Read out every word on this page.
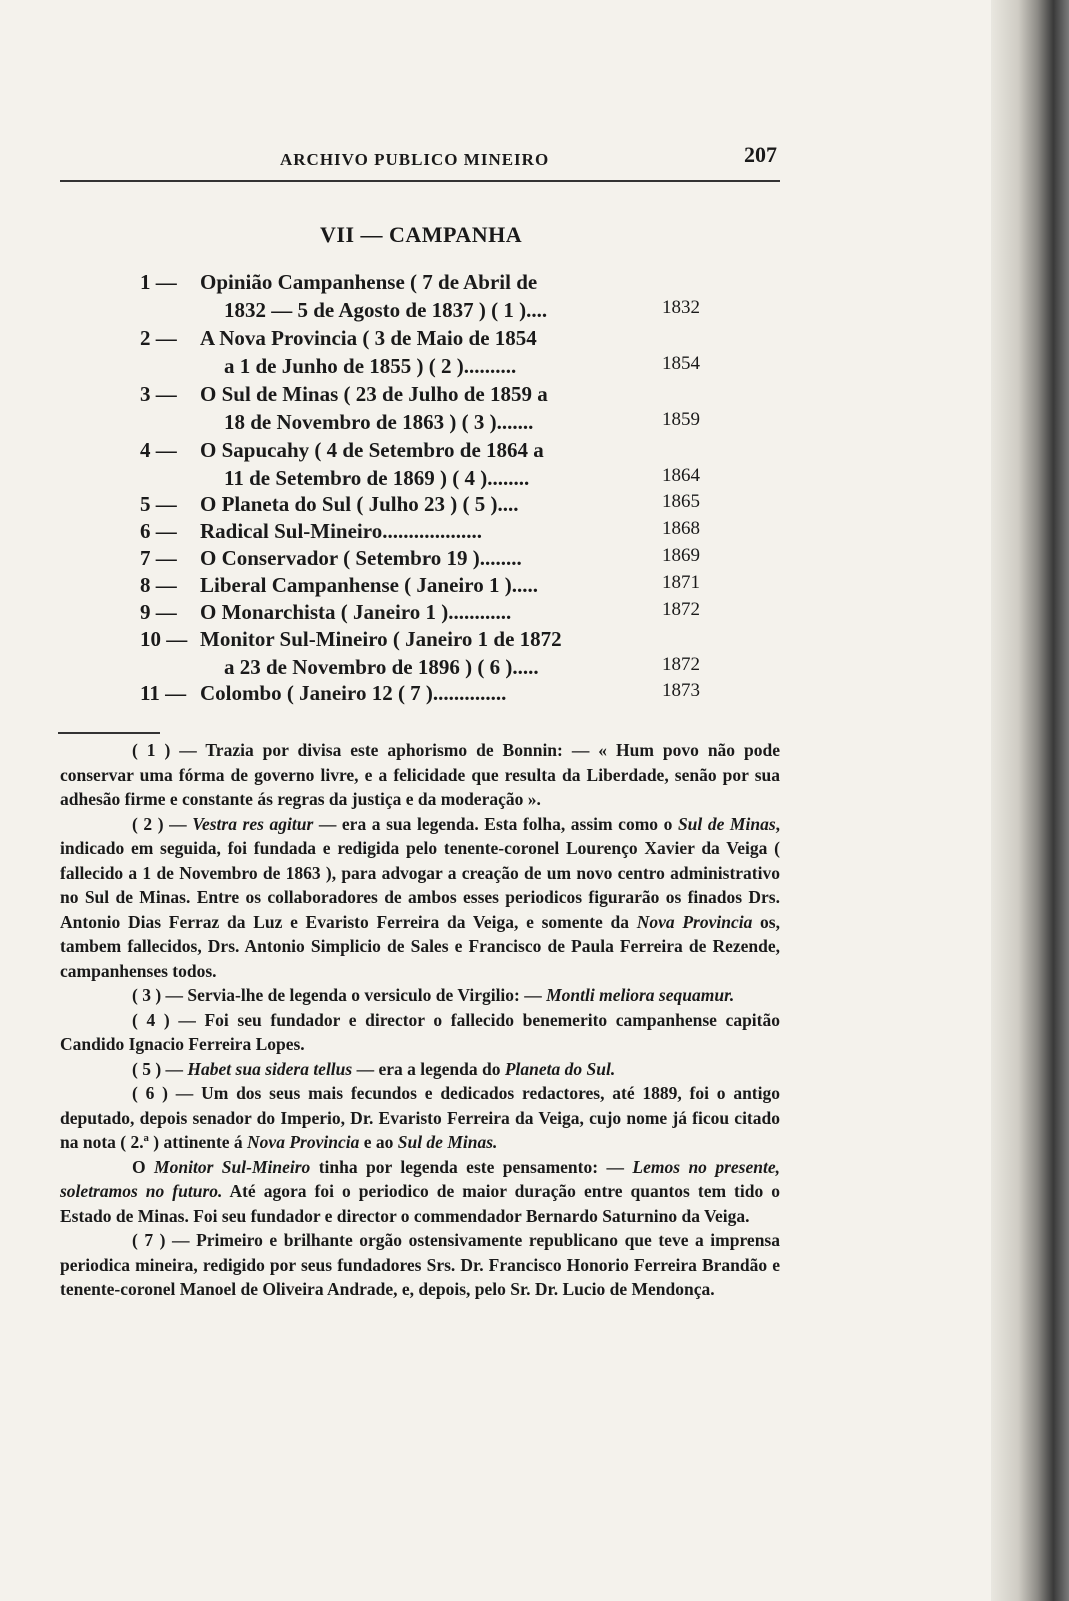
ARCHIVO PUBLICO MINEIRO	207
VII — CAMPANHA
1 — Opinião Campanhense ( 7 de Abril de
1832 — 5 de Agosto de 1837 ) ( 1 )....	1832
2 — A Nova Provincia ( 3 de Maio de 1854
a 1 de Junho de 1855 ) ( 2 )..........	1854
3 — O Sul de Minas ( 23 de Julho de 1859 a
18 de Novembro de 1863 ) ( 3 ).......	1859
4 — O Sapucahy ( 4 de Setembro de 1864 a
11 de Setembro de 1869 ) ( 4 )........	1864
5 — O Planeta do Sul ( Julho 23 ) ( 5 )....	1865
6 — Radical Sul-Mineiro...................	1868
7 — O Conservador ( Setembro 19 )........	1869
8 — Liberal Campanhense ( Janeiro 1 ).....	1871
9 — O Monarchista ( Janeiro 1 )............	1872
10 — Monitor Sul-Mineiro ( Janeiro 1 de 1872
a 23 de Novembro de 1896 ) ( 6 ).....	1872
11 — Colombo ( Janeiro 12 ( 7 )..............	1873

( 1 ) — Trazia por divisa este aphorismo de Bonnin: — « Hum povo não pode conservar uma fórma de governo livre, e a felicidade que resulta da Liberdade, senão por sua adhesão firme e constante ás regras da justiça e da moderação ».

( 2 ) — Vestra res agitur — era a sua legenda. Esta folha, assim como o Sul de Minas, indicado em seguida, foi fundada e redigida pelo tenente-coronel Lourenço Xavier da Veiga ( fallecido a 1 de Novembro de 1863 ), para advogar a creação de um novo centro administrativo no Sul de Minas. Entre os collaboradores de ambos esses periodicos figurarão os finados Drs. Antonio Dias Ferraz da Luz e Evaristo Ferreira da Veiga, e somente da Nova Provincia os, tambem fallecidos, Drs. Antonio Simplicio de Sales e Francisco de Paula Ferreira de Rezende, campanhenses todos.

( 3 ) — Servia-lhe de legenda o versiculo de Virgilio: — Montli meliora sequamur.

( 4 ) — Foi seu fundador e director o fallecido benemerito campanhense capitão Candido Ignacio Ferreira Lopes.

( 5 ) — Habet sua sidera tellus — era a legenda do Planeta do Sul.

( 6 ) — Um dos seus mais fecundos e dedicados redactores, até 1889, foi o antigo deputado, depois senador do Imperio, Dr. Evaristo Ferreira da Veiga, cujo nome já ficou citado na nota ( 2.ª ) attinente á Nova Provincia e ao Sul de Minas.

O Monitor Sul-Mineiro tinha por legenda este pensamento: — Lemos no presente, soletramos no futuro. Até agora foi o periodico de maior duração entre quantos tem tido o Estado de Minas. Foi seu fundador e director o commendador Bernardo Saturnino da Veiga.

( 7 ) — Primeiro e brilhante orgão ostensivamente republicano que teve a imprensa periodica mineira, redigido por seus fundadores Srs. Dr. Francisco Honorio Ferreira Brandão e tenente-coronel Manoel de Oliveira Andrade, e, depois, pelo Sr. Dr. Lucio de Mendonça.
